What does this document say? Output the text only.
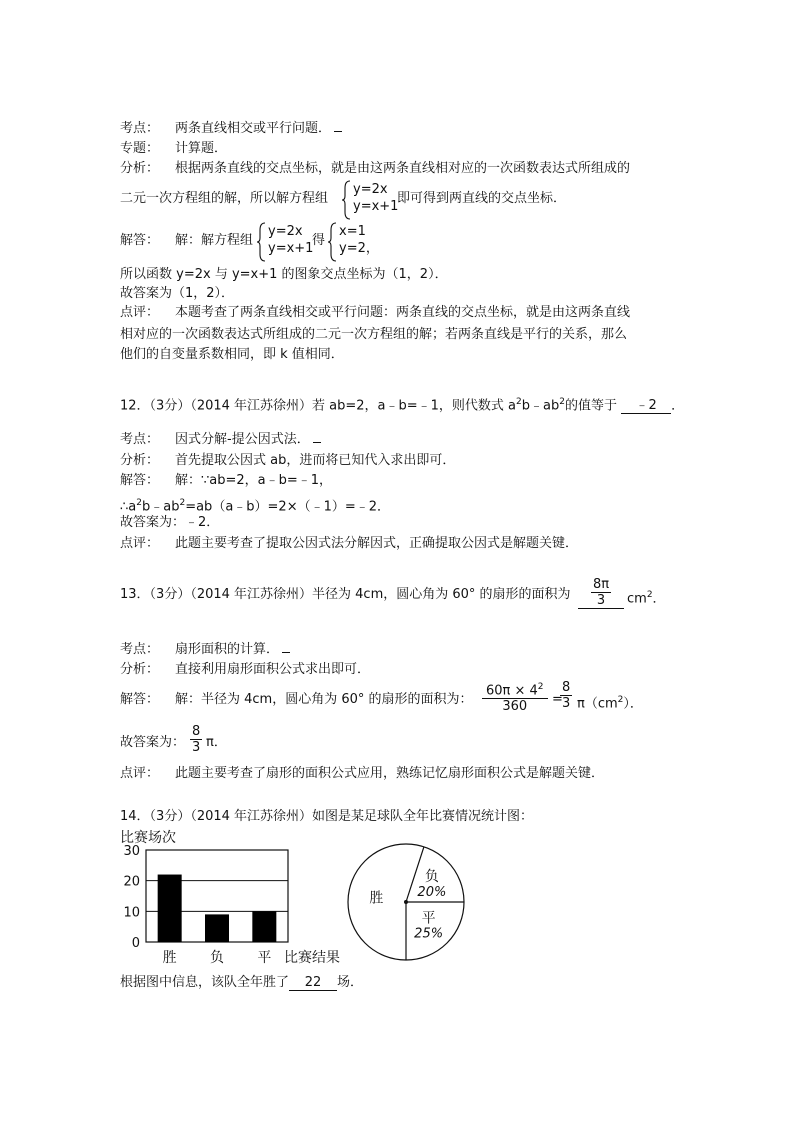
考点： 两条直线相交或平行问题．
专题： 计算题．
分析： 根据两条直线的交点坐标，就是由这两条直线相对应的一次函数表达式所组成的
二元一次方程组的解，所以解方程组
y=2x
y=x+1
即可得到两直线的交点坐标．
解答： 解：解方程组
y=2x
y=x+1
得
x=1
y=2，
所以函数 y=2x 与 y=x+1 的图象交点坐标为（1，2）．
故答案为（1，2）．
点评： 本题考查了两条直线相交或平行问题：两条直线的交点坐标，就是由这两条直线
相对应的一次函数表达式所组成的二元一次方程组的解；若两条直线是平行的关系，那么
他们的自变量系数相同，即 k 值相同．
12．（3分）（2014 年江苏徐州）若 ab=2，a﹣b=﹣1，则代数式 $a^2b﹣ab^2$的值等于 ﹣2 ．
考点： 因式分解-提公因式法．
分析： 首先提取公因式 ab，进而将已知代入求出即可．
解答： 解：∵ab=2，a﹣b=﹣1，
$\therefore a^2b﹣ab^2=ab(a﹣b)=2\times(﹣1)=﹣2$．
故答案为：﹣2．
点评： 此题主要考查了提取公因式法分解因式，正确提取公因式是解题关键．
13．（3分）（2014 年江苏徐州）半径为 4cm，圆心角为 60° 的扇形的面积为 $\frac{8\pi}{3} cm^2$．
考点： 扇形面积的计算．
分析： 直接利用扇形面积公式求出即可．
解答： 解：半径为 4cm，圆心角为 60° 的扇形的面积为： $\frac{60\pi \times 4^2}{360}$ =
$\frac{8}{3} \pi(cm^2)$．
故答案为： $\frac{8}{3}$ π．
点评： 此题主要考查了扇形的面积公式应用，熟练记忆扇形面积公式是解题关键．
14．（3分）（2014 年江苏徐州）如图是某足球队全年比赛情况统计图：
比赛场次
30
20
10
0
胜 负 平 比赛结果
负
20%
平
25%
胜
根据图中信息，该队全年胜了 22 场．
